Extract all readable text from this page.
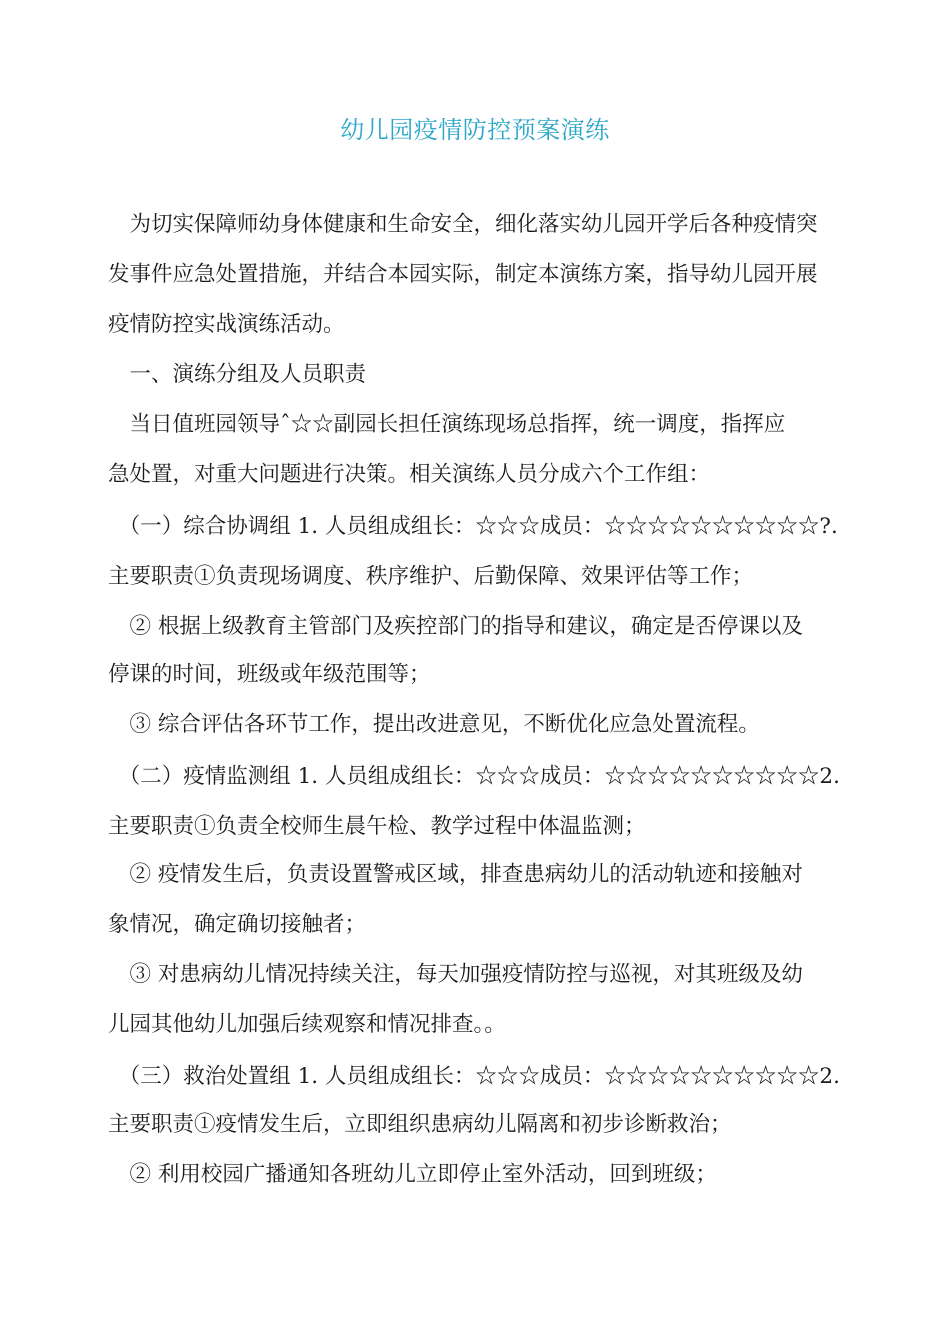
幼儿园疫情防控预案演练
　为切实保障师幼身体健康和生命安全，细化落实幼儿园开学后各种疫情突
发事件应急处置措施，并结合本园实际，制定本演练方案，指导幼儿园开展
疫情防控实战演练活动。
　一、演练分组及人员职责
　当日值班园领导ˆ☆☆副园长担任演练现场总指挥，统一调度，指挥应
急处置，对重大问题进行决策。相关演练人员分成六个工作组：
　（一）综合协调组 1. 人员组成组长：☆☆☆成员：☆☆☆☆☆☆☆☆☆☆?.
主要职责①负责现场调度、秩序维护、后勤保障、效果评估等工作；
　② 根据上级教育主管部门及疾控部门的指导和建议，确定是否停课以及
停课的时间，班级或年级范围等；
　③ 综合评估各环节工作，提出改进意见，不断优化应急处置流程。
　（二）疫情监测组 1. 人员组成组长：☆☆☆成员：☆☆☆☆☆☆☆☆☆☆2.
主要职责①负责全校师生晨午检、教学过程中体温监测；
　② 疫情发生后，负责设置警戒区域，排查患病幼儿的活动轨迹和接触对
象情况，确定确切接触者；
　③ 对患病幼儿情况持续关注，每天加强疫情防控与巡视，对其班级及幼
儿园其他幼儿加强后续观察和情况排查。。
　（三）救治处置组 1. 人员组成组长：☆☆☆成员：☆☆☆☆☆☆☆☆☆☆2.
主要职责①疫情发生后，立即组织患病幼儿隔离和初步诊断救治；
　② 利用校园广播通知各班幼儿立即停止室外活动，回到班级；
